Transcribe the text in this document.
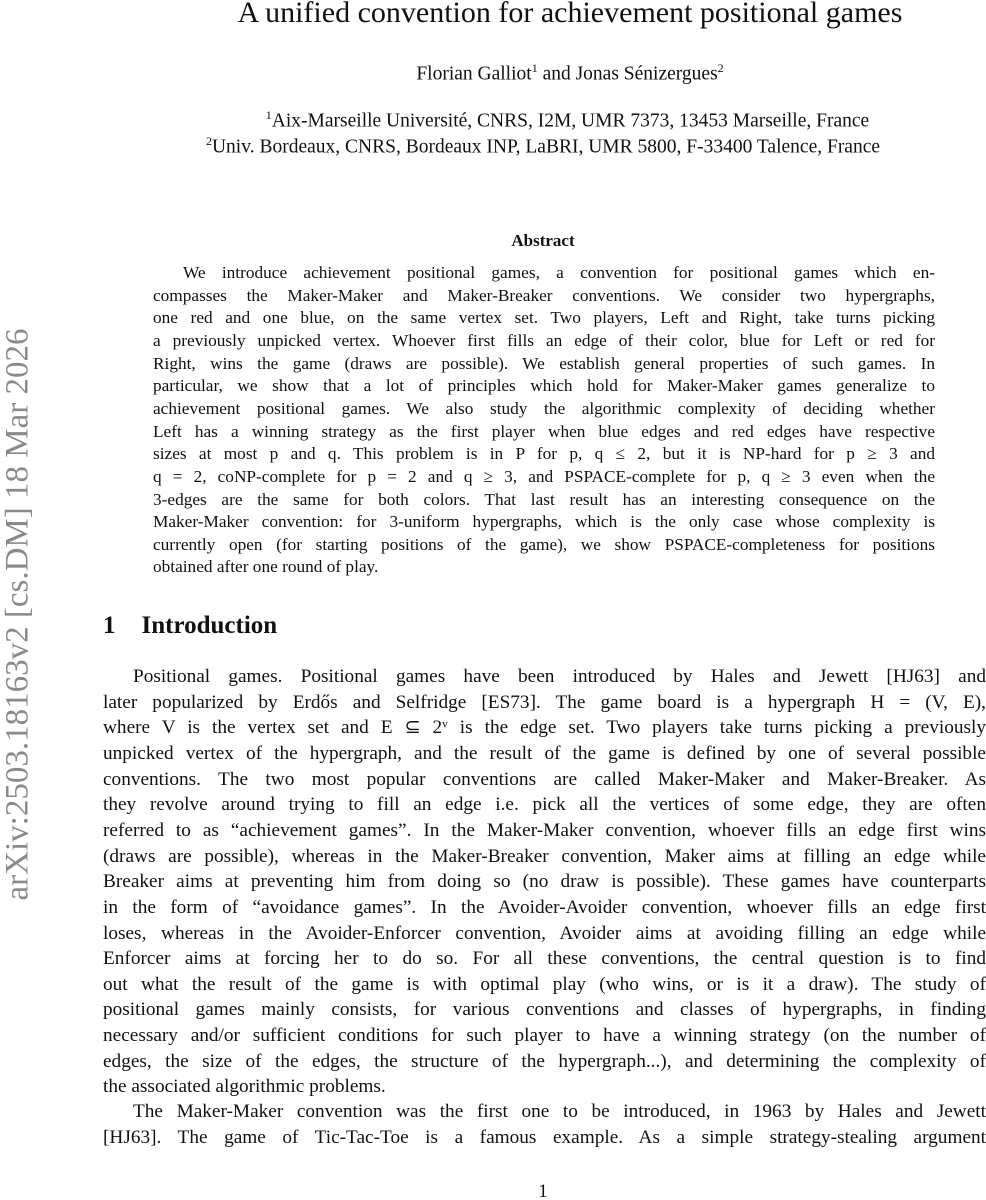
arXiv:2503.18163v2 [cs.DM] 18 Mar 2026
A unified convention for achievement positional games
Florian Galliot$^1$ and Jonas Sénizergues$^2$
$^1$Aix-Marseille Université, CNRS, I2M, UMR 7373, 13453 Marseille, France
$^2$Univ. Bordeaux, CNRS, Bordeaux INP, LaBRI, UMR 5800, F-33400 Talence, France
Abstract
We introduce achievement positional games, a convention for positional games which en-
compasses the Maker-Maker and Maker-Breaker conventions. We consider two hypergraphs,
one red and one blue, on the same vertex set. Two players, Left and Right, take turns picking
a previously unpicked vertex. Whoever first fills an edge of their color, blue for Left or red for
Right, wins the game (draws are possible). We establish general properties of such games. In
particular, we show that a lot of principles which hold for Maker-Maker games generalize to
achievement positional games. We also study the algorithmic complexity of deciding whether
Left has a winning strategy as the first player when blue edges and red edges have respective
sizes at most p and q. This problem is in P for p, q ≤ 2, but it is NP-hard for p ≥ 3 and
q = 2, coNP-complete for p = 2 and q ≥ 3, and PSPACE-complete for p, q ≥ 3 even when the
3-edges are the same for both colors. That last result has an interesting consequence on the
Maker-Maker convention: for 3-uniform hypergraphs, which is the only case whose complexity is
currently open (for starting positions of the game), we show PSPACE-completeness for positions
obtained after one round of play.
1 Introduction
Positional games. Positional games have been introduced by Hales and Jewett [HJ63] and
later popularized by Erdős and Selfridge [ES73]. The game board is a hypergraph H = (V, E),
where V is the vertex set and E ⊆ 2ᵛ is the edge set. Two players take turns picking a previously
unpicked vertex of the hypergraph, and the result of the game is defined by one of several possible
conventions. The two most popular conventions are called Maker-Maker and Maker-Breaker. As
they revolve around trying to fill an edge i.e. pick all the vertices of some edge, they are often
referred to as “achievement games”. In the Maker-Maker convention, whoever fills an edge first wins
(draws are possible), whereas in the Maker-Breaker convention, Maker aims at filling an edge while
Breaker aims at preventing him from doing so (no draw is possible). These games have counterparts
in the form of “avoidance games”. In the Avoider-Avoider convention, whoever fills an edge first
loses, whereas in the Avoider-Enforcer convention, Avoider aims at avoiding filling an edge while
Enforcer aims at forcing her to do so. For all these conventions, the central question is to find
out what the result of the game is with optimal play (who wins, or is it a draw). The study of
positional games mainly consists, for various conventions and classes of hypergraphs, in finding
necessary and/or sufficient conditions for such player to have a winning strategy (on the number of
edges, the size of the edges, the structure of the hypergraph...), and determining the complexity of
the associated algorithmic problems.
The Maker-Maker convention was the first one to be introduced, in 1963 by Hales and Jewett
[HJ63]. The game of Tic-Tac-Toe is a famous example. As a simple strategy-stealing argument
1
